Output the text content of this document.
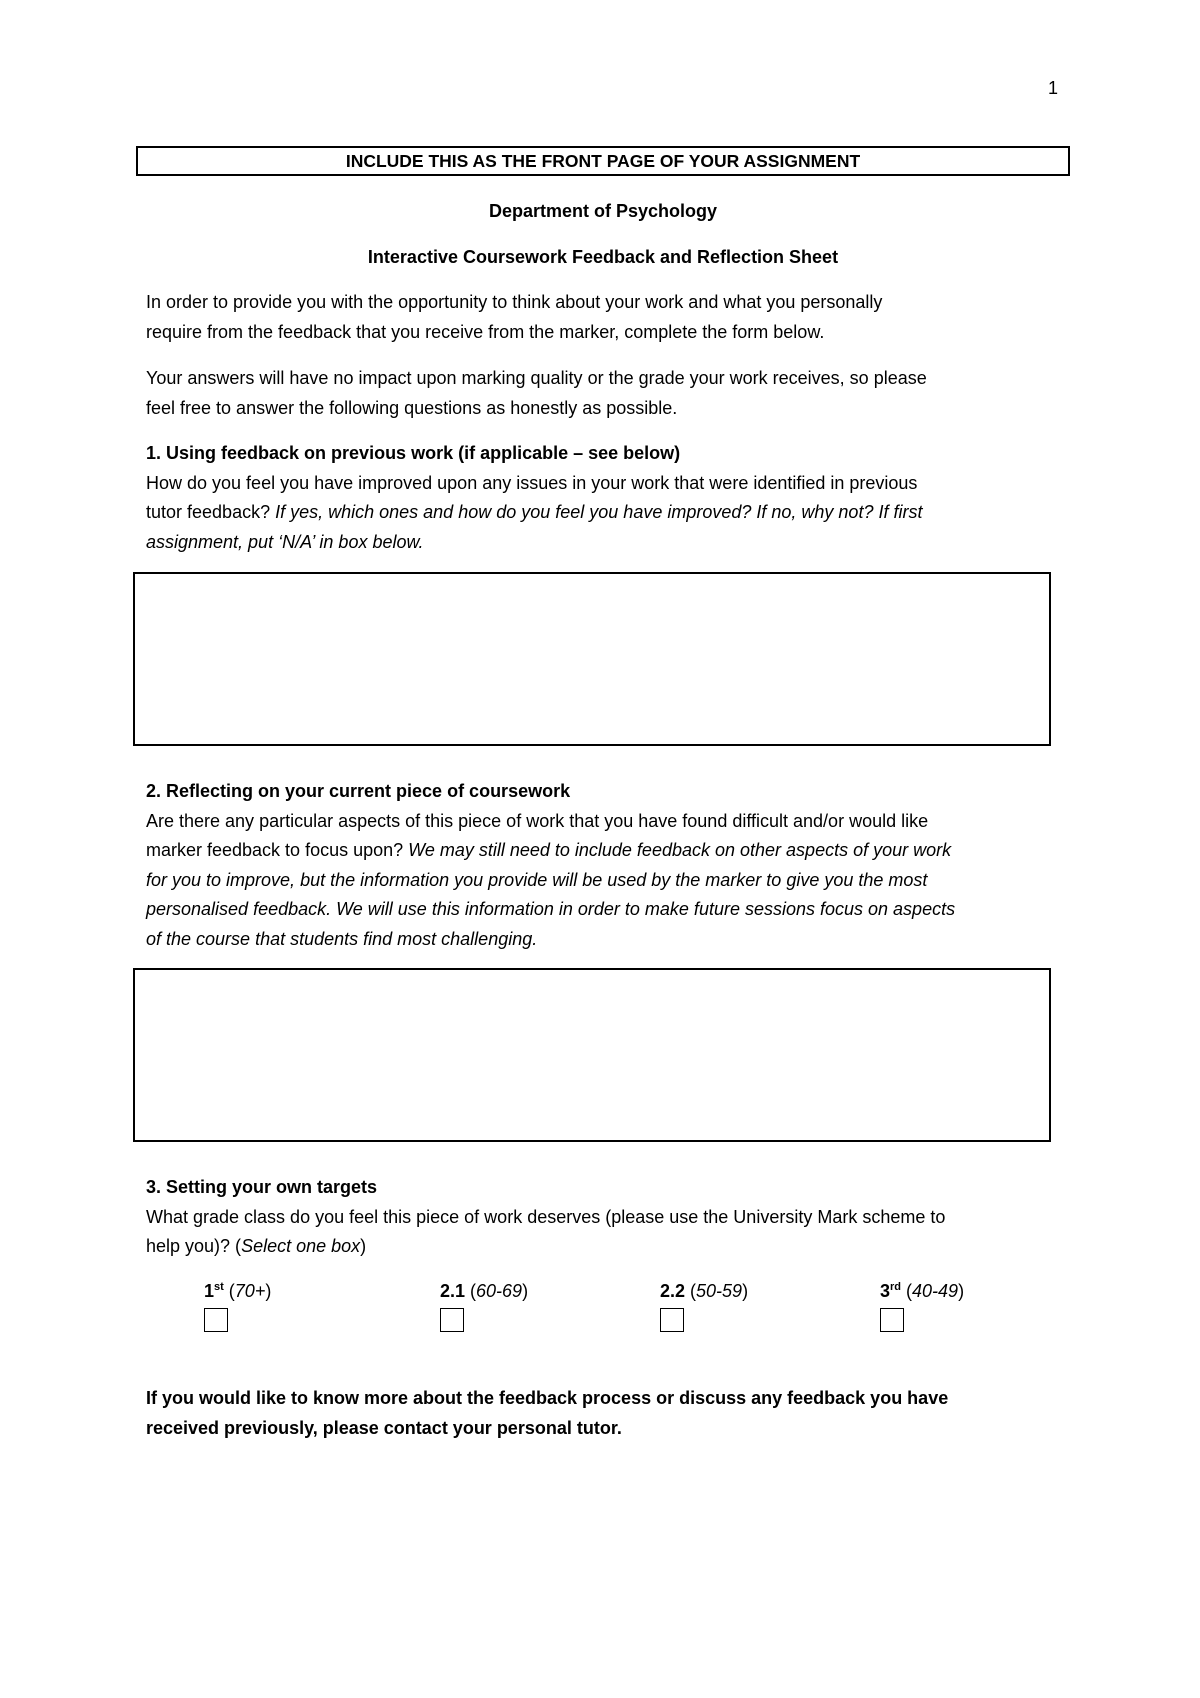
1
INCLUDE THIS AS THE FRONT PAGE OF YOUR ASSIGNMENT
Department of Psychology
Interactive Coursework Feedback and Reflection Sheet
In order to provide you with the opportunity to think about your work and what you personally
require from the feedback that you receive from the marker, complete the form below.
Your answers will have no impact upon marking quality or the grade your work receives, so please
feel free to answer the following questions as honestly as possible.
1. Using feedback on previous work (if applicable – see below)
How do you feel you have improved upon any issues in your work that were identified in previous
tutor feedback? If yes, which ones and how do you feel you have improved? If no, why not? If first
assignment, put ‘N/A’ in box below.
2. Reflecting on your current piece of coursework
Are there any particular aspects of this piece of work that you have found difficult and/or would like
marker feedback to focus upon? We may still need to include feedback on other aspects of your work
for you to improve, but the information you provide will be used by the marker to give you the most
personalised feedback. We will use this information in order to make future sessions focus on aspects
of the course that students find most challenging.
3. Setting your own targets
What grade class do you feel this piece of work deserves (please use the University Mark scheme to
help you)? (Select one box)
1st (70+)	2.1 (60-69)	2.2 (50-59)	3rd (40-49)
If you would like to know more about the feedback process or discuss any feedback you have
received previously, please contact your personal tutor.
